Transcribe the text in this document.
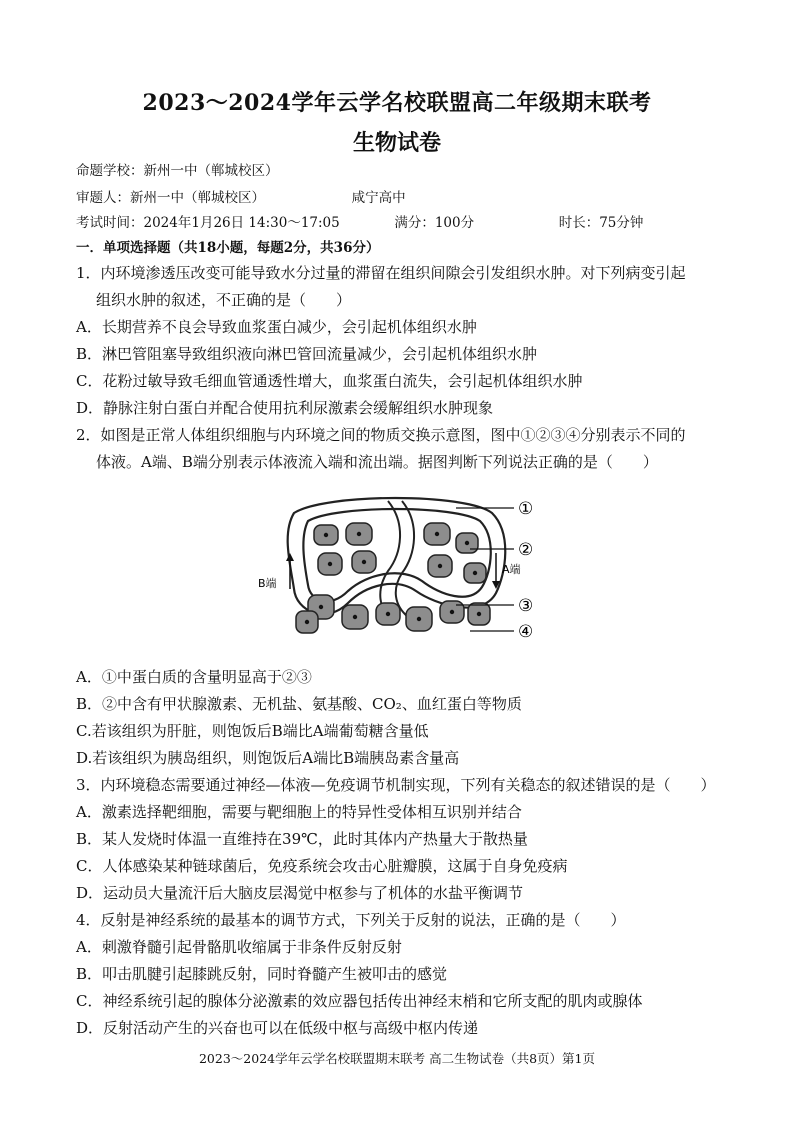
2023～2024学年云学名校联盟高二年级期末联考
生物试卷
命题学校：新州一中（郸城校区）
审题人：新州一中（郸城校区）	咸宁高中
考试时间：2024年1月26日 14:30～17:05	满分：100分	时长：75分钟
一．单项选择题（共18小题，每题2分，共36分）
1．内环境渗透压改变可能导致水分过量的滞留在组织间隙会引发组织水肿。对下列病变引起
组织水肿的叙述，不正确的是（　　）
A．长期营养不良会导致血浆蛋白减少，会引起机体组织水肿
B．淋巴管阻塞导致组织液向淋巴管回流量减少，会引起机体组织水肿
C．花粉过敏导致毛细血管通透性增大，血浆蛋白流失，会引起机体组织水肿
D．静脉注射白蛋白并配合使用抗利尿激素会缓解组织水肿现象
2．如图是正常人体组织细胞与内环境之间的物质交换示意图，图中①②③④分别表示不同的
体液。A端、B端分别表示体液流入端和流出端。据图判断下列说法正确的是（　　）
A端
B端
①
②
③
④
A．①中蛋白质的含量明显高于②③
B．②中含有甲状腺激素、无机盐、氨基酸、CO₂、血红蛋白等物质
C.若该组织为肝脏，则饱饭后B端比A端葡萄糖含量低
D.若该组织为胰岛组织，则饱饭后A端比B端胰岛素含量高
3．内环境稳态需要通过神经—体液—免疫调节机制实现，下列有关稳态的叙述错误的是（　　）
A．激素选择靶细胞，需要与靶细胞上的特异性受体相互识别并结合
B．某人发烧时体温一直维持在39℃，此时其体内产热量大于散热量
C．人体感染某种链球菌后，免疫系统会攻击心脏瓣膜，这属于自身免疫病
D．运动员大量流汗后大脑皮层渴觉中枢参与了机体的水盐平衡调节
4．反射是神经系统的最基本的调节方式，下列关于反射的说法，正确的是（　　）
A．刺激脊髓引起骨骼肌收缩属于非条件反射反射
B．叩击肌腱引起膝跳反射，同时脊髓产生被叩击的感觉
C．神经系统引起的腺体分泌激素的效应器包括传出神经末梢和它所支配的肌肉或腺体
D．反射活动产生的兴奋也可以在低级中枢与高级中枢内传递
2023～2024学年云学名校联盟期末联考 高二生物试卷（共8页）第1页
